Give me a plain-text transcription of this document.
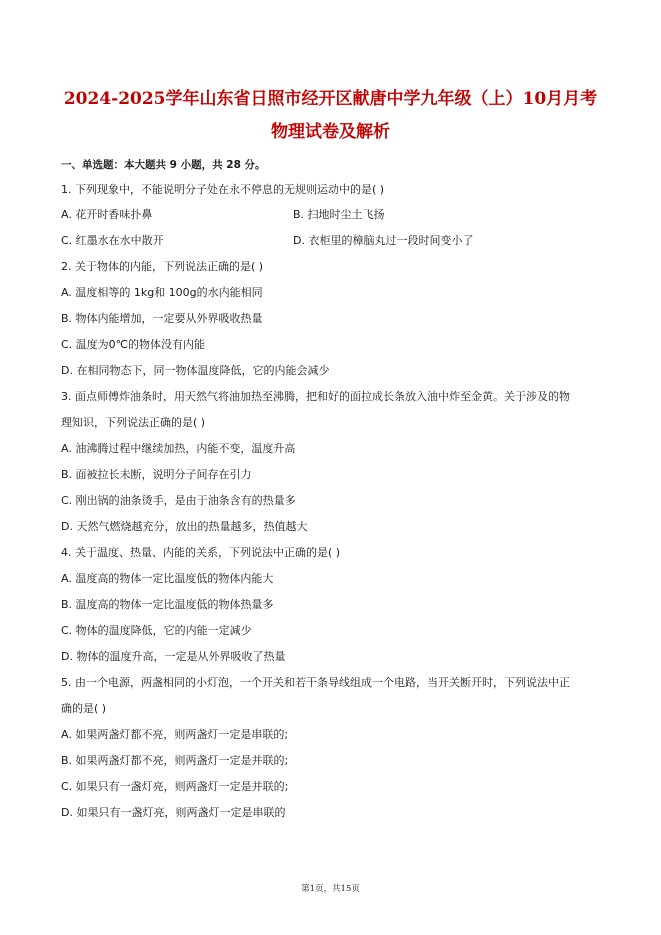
2024-2025学年山东省日照市经开区献唐中学九年级（上）10月月考
物理试卷及解析
一、单选题：本大题共 9 小题，共 28 分。
1. 下列现象中，不能说明分子处在永不停息的无规则运动中的是( )
A. 花开时香味扑鼻	B. 扫地时尘土飞扬
C. 红墨水在水中散开	D. 衣柜里的樟脑丸过一段时间变小了
2. 关于物体的内能，下列说法正确的是( )
A. 温度相等的 1kg和 100g的水内能相同
B. 物体内能增加，一定要从外界吸收热量
C. 温度为0℃的物体没有内能
D. 在相同物态下，同一物体温度降低，它的内能会减少
3. 面点师傅炸油条时，用天然气将油加热至沸腾，把和好的面拉成长条放入油中炸至金黄。关于涉及的物
理知识，下列说法正确的是( )
A. 油沸腾过程中继续加热，内能不变，温度升高
B. 面被拉长未断，说明分子间存在引力
C. 刚出锅的油条烫手，是由于油条含有的热量多
D. 天然气燃烧越充分，放出的热量越多，热值越大
4. 关于温度、热量、内能的关系，下列说法中正确的是( )
A. 温度高的物体一定比温度低的物体内能大
B. 温度高的物体一定比温度低的物体热量多
C. 物体的温度降低，它的内能一定减少
D. 物体的温度升高，一定是从外界吸收了热量
5. 由一个电源，两盏相同的小灯泡，一个开关和若干条导线组成一个电路，当开关断开时，下列说法中正
确的是( )
A. 如果两盏灯都不亮，则两盏灯一定是串联的;
B. 如果两盏灯都不亮，则两盏灯一定是并联的;
C. 如果只有一盏灯亮，则两盏灯一定是并联的;
D. 如果只有一盏灯亮，则两盏灯一定是串联的
第1页，共15页
